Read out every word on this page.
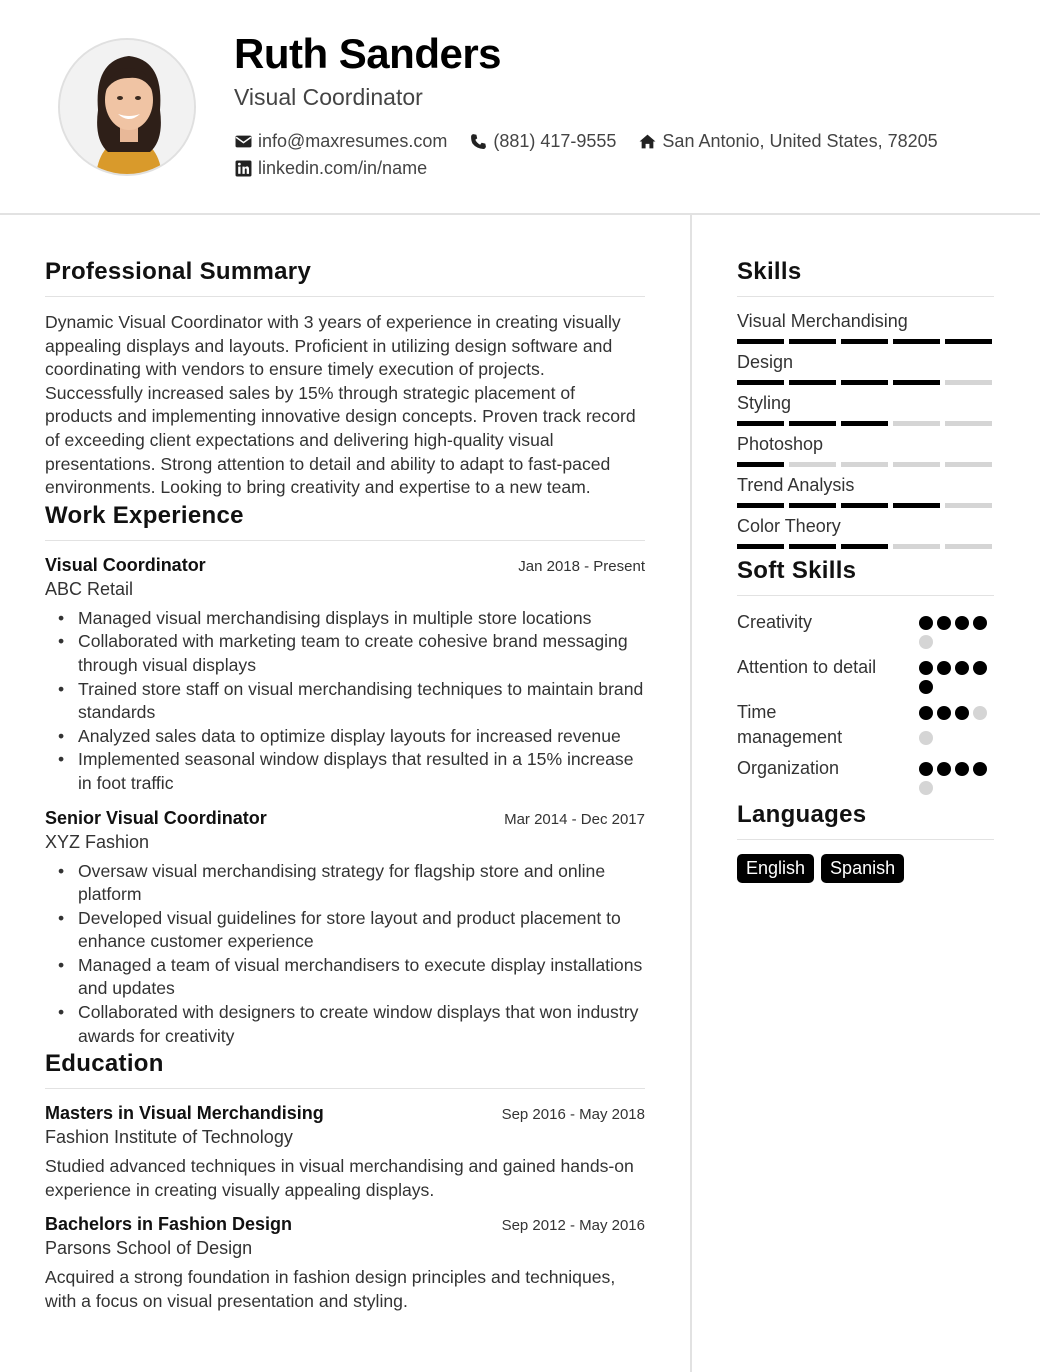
Ruth Sanders
Visual Coordinator
info@maxresumes.com	(881) 417-9555	San Antonio, United States, 78205
linkedin.com/in/name
Professional Summary
Dynamic Visual Coordinator with 3 years of experience in creating visually appealing displays and layouts. Proficient in utilizing design software and coordinating with vendors to ensure timely execution of projects. Successfully increased sales by 15% through strategic placement of products and implementing innovative design concepts. Proven track record of exceeding client expectations and delivering high-quality visual presentations. Strong attention to detail and ability to adapt to fast-paced environments. Looking to bring creativity and expertise to a new team.
Work Experience
Visual Coordinator	Jan 2018 - Present
ABC Retail
• Managed visual merchandising displays in multiple store locations
• Collaborated with marketing team to create cohesive brand messaging through visual displays
• Trained store staff on visual merchandising techniques to maintain brand standards
• Analyzed sales data to optimize display layouts for increased revenue
• Implemented seasonal window displays that resulted in a 15% increase in foot traffic
Senior Visual Coordinator	Mar 2014 - Dec 2017
XYZ Fashion
• Oversaw visual merchandising strategy for flagship store and online platform
• Developed visual guidelines for store layout and product placement to enhance customer experience
• Managed a team of visual merchandisers to execute display installations and updates
• Collaborated with designers to create window displays that won industry awards for creativity
Education
Masters in Visual Merchandising	Sep 2016 - May 2018
Fashion Institute of Technology
Studied advanced techniques in visual merchandising and gained hands-on experience in creating visually appealing displays.
Bachelors in Fashion Design	Sep 2012 - May 2016
Parsons School of Design
Acquired a strong foundation in fashion design principles and techniques, with a focus on visual presentation and styling.
Skills
Visual Merchandising
Design
Styling
Photoshop
Trend Analysis
Color Theory
Soft Skills
Creativity
Attention to detail
Time management
Organization
Languages
English	Spanish
